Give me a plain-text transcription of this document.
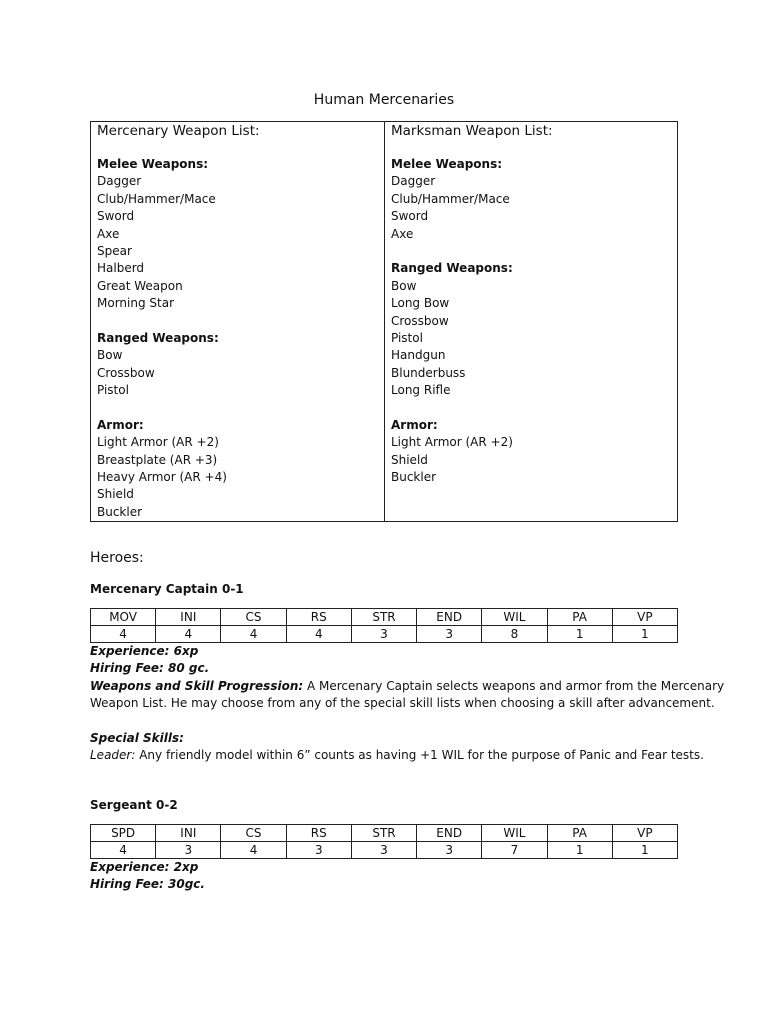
Human Mercenaries
Mercenary Weapon List:
Melee Weapons:
Dagger
Club/Hammer/Mace
Sword
Axe
Spear
Halberd
Great Weapon
Morning Star
Ranged Weapons:
Bow
Crossbow
Pistol
Armor:
Light Armor (AR +2)
Breastplate (AR +3)
Heavy Armor (AR +4)
Shield
Buckler
Marksman Weapon List:
Melee Weapons:
Dagger
Club/Hammer/Mace
Sword
Axe
Ranged Weapons:
Bow
Long Bow
Crossbow
Pistol
Handgun
Blunderbuss
Long Rifle
Armor:
Light Armor (AR +2)
Shield
Buckler
Heroes:
Mercenary Captain 0-1
MOV	INI	CS	RS	STR	END	WIL	PA	VP
4	4	4	4	3	3	8	1	1
Experience: 6xp
Hiring Fee: 80 gc.
Weapons and Skill Progression: A Mercenary Captain selects weapons and armor from the Mercenary
Weapon List. He may choose from any of the special skill lists when choosing a skill after advancement.
Special Skills:
Leader: Any friendly model within 6” counts as having +1 WIL for the purpose of Panic and Fear tests.
Sergeant 0-2
SPD	INI	CS	RS	STR	END	WIL	PA	VP
4	3	4	3	3	3	7	1	1
Experience: 2xp
Hiring Fee: 30gc.
